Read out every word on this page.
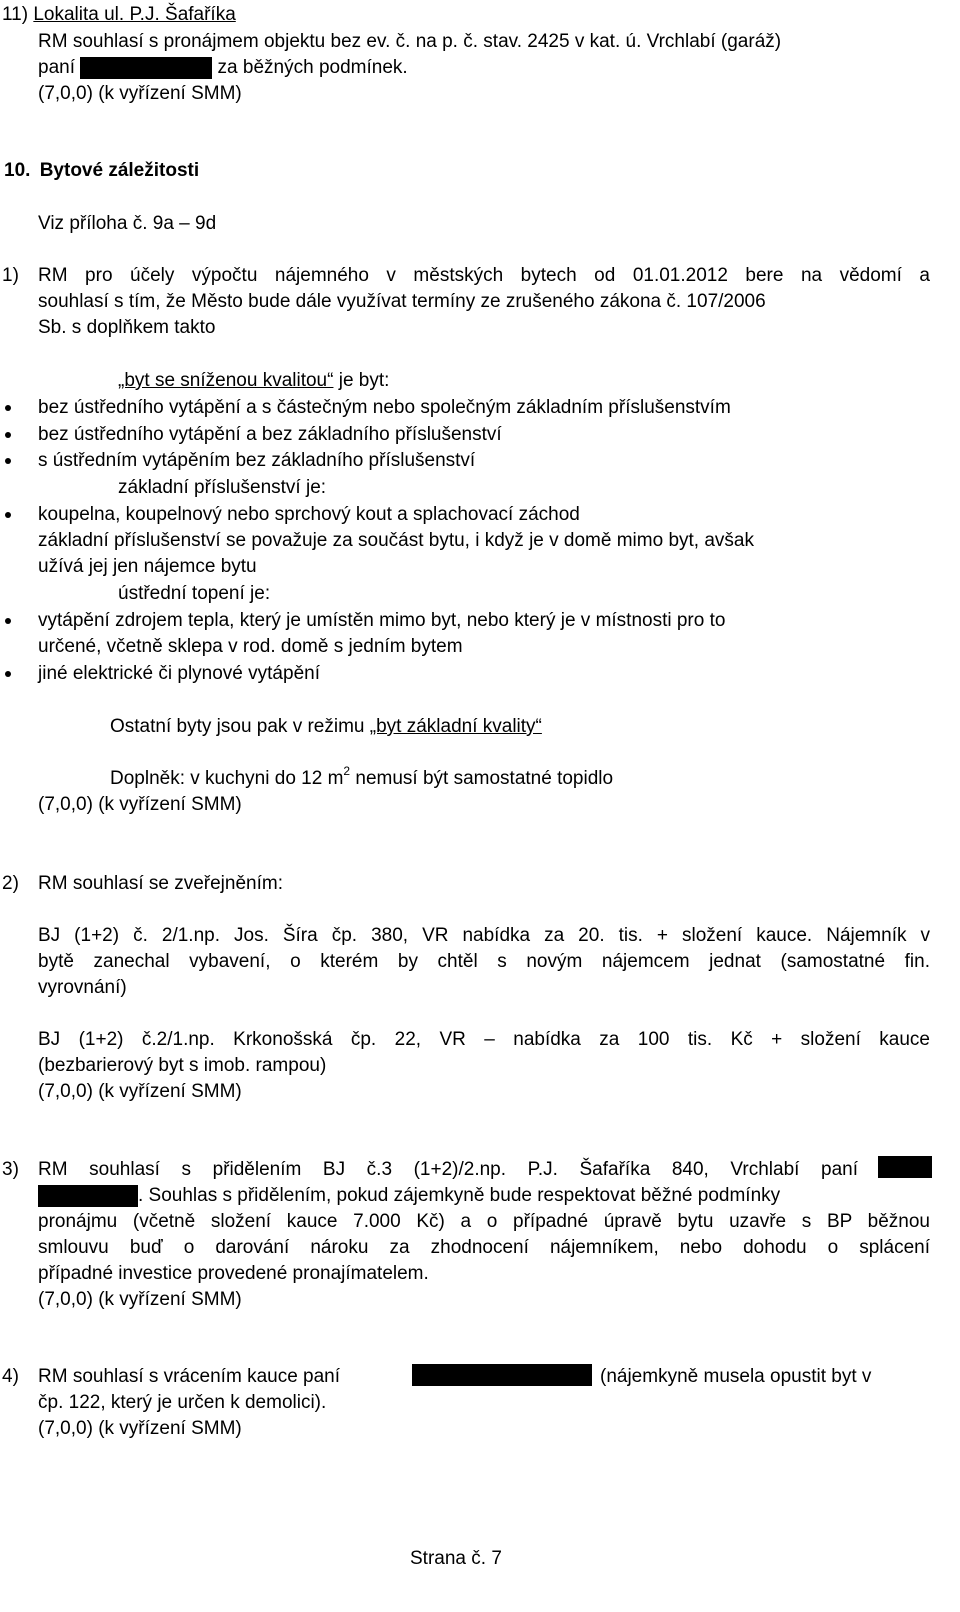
11) Lokalita ul. P.J. Šafaříka
RM souhlasí s pronájmem objektu bez ev. č. na p. č. stav. 2425 v kat. ú. Vrchlabí (garáž)
paní	za běžných podmínek.
(7,0,0) (k vyřízení SMM)
10. Bytové záležitosti
Viz příloha č. 9a – 9d
1) RM pro účely výpočtu nájemného v městských bytech od 01.01.2012 bere na vědomí a
souhlasí s tím, že Město bude dále využívat termíny ze zrušeného zákona č. 107/2006
Sb. s doplňkem takto
„byt se sníženou kvalitou“ je byt:
bez ústředního vytápění a s částečným nebo společným základním příslušenstvím
bez ústředního vytápění a bez základního příslušenství
s ústředním vytápěním bez základního příslušenství
základní příslušenství je:
koupelna, koupelnový nebo sprchový kout a splachovací záchod
základní příslušenství se považuje za součást bytu, i když je v domě mimo byt, avšak
užívá jej jen nájemce bytu
ústřední topení je:
vytápění zdrojem tepla, který je umístěn mimo byt, nebo který je v místnosti pro to
určené, včetně sklepa v rod. domě s jedním bytem
jiné elektrické či plynové vytápění
Ostatní byty jsou pak v režimu „byt základní kvality“
Doplněk: v kuchyni do 12 $m^2$ nemusí být samostatné topidlo
(7,0,0) (k vyřízení SMM)
2) RM souhlasí se zveřejněním:
BJ (1+2) č. 2/1.np. Jos. Šíra čp. 380, VR nabídka za 20. tis. + složení kauce. Nájemník v
bytě zanechal vybavení, o kterém by chtěl s novým nájemcem jednat (samostatné fin.
vyrovnání)
BJ (1+2) č.2/1.np. Krkonošská čp. 22, VR – nabídka za 100 tis. Kč + složení kauce
(bezbarierový byt s imob. rampou)
(7,0,0) (k vyřízení SMM)
3) RM souhlasí s přidělením BJ č.3 (1+2)/2.np. P.J. Šafaříka 840, Vrchlabí paní
. Souhlas s přidělením, pokud zájemkyně bude respektovat běžné podmínky
pronájmu (včetně složení kauce 7.000 Kč) a o případné úpravě bytu uzavře s BP běžnou
smlouvu buď o darování nároku za zhodnocení nájemníkem, nebo dohodu o splácení
případné investice provedené pronajímatelem.
(7,0,0) (k vyřízení SMM)
4) RM souhlasí s vrácením kauce paní	(nájemkyně musela opustit byt v
čp. 122, který je určen k demolici).
(7,0,0) (k vyřízení SMM)
Strana č. 7
